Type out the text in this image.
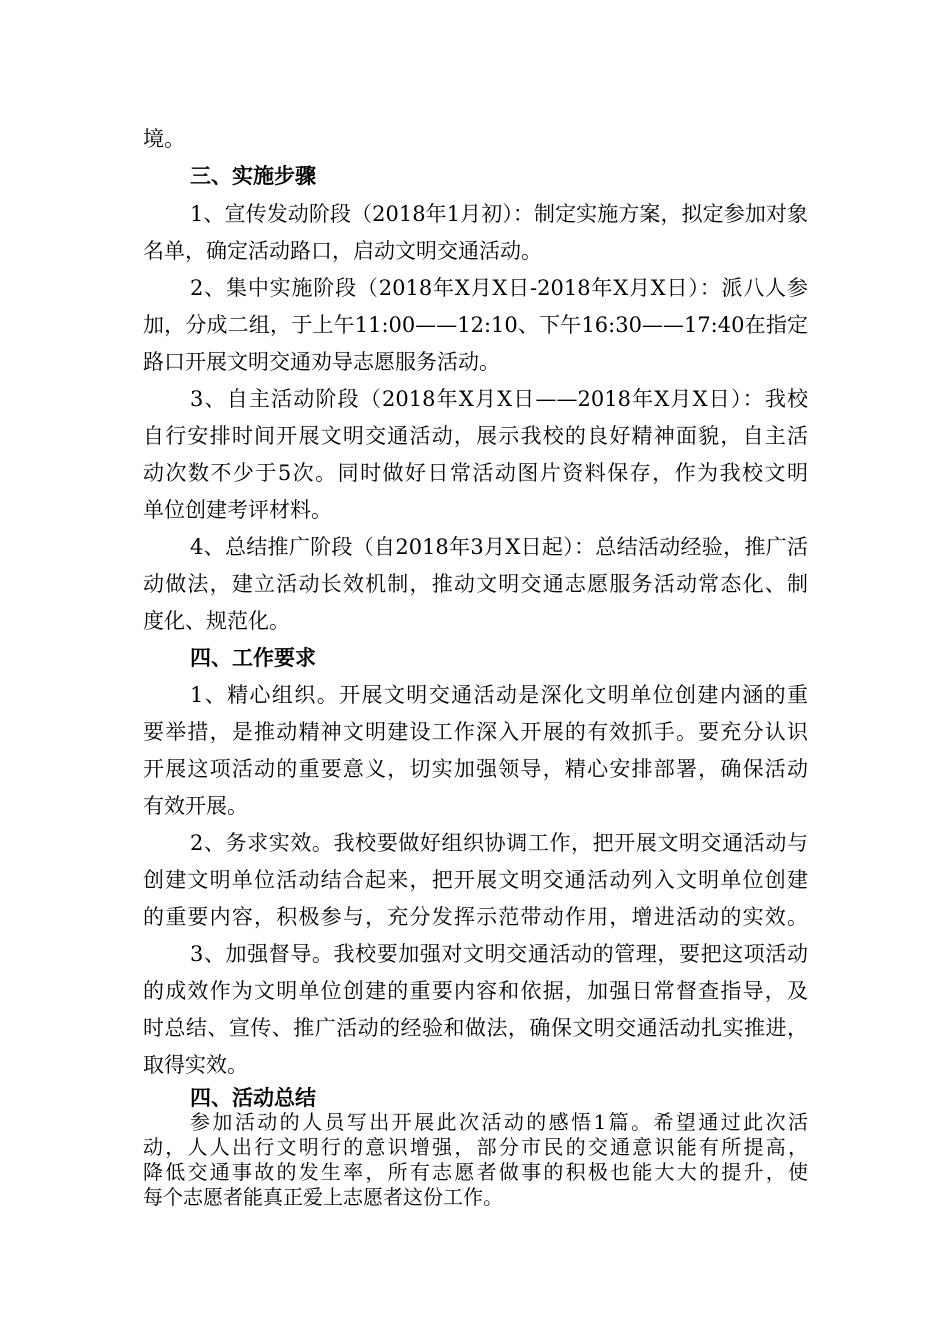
境。
三、实施步骤
1、宣传发动阶段（2018年1月初）：制定实施方案，拟定参加对象
名单，确定活动路口，启动文明交通活动。
2、集中实施阶段（2018年X月X日-2018年X月X日）：派八人参
加，分成二组，于上午11:00——12:10、下午16:30——17:40在指定
路口开展文明交通劝导志愿服务活动。
3、自主活动阶段（2018年X月X日——2018年X月X日）：我校
自行安排时间开展文明交通活动，展示我校的良好精神面貌，自主活
动次数不少于5次。同时做好日常活动图片资料保存，作为我校文明
单位创建考评材料。
4、总结推广阶段（自2018年3月X日起）：总结活动经验，推广活
动做法，建立活动长效机制，推动文明交通志愿服务活动常态化、制
度化、规范化。
四、工作要求
1、精心组织。开展文明交通活动是深化文明单位创建内涵的重
要举措，是推动精神文明建设工作深入开展的有效抓手。要充分认识
开展这项活动的重要意义，切实加强领导，精心安排部署，确保活动
有效开展。
2、务求实效。我校要做好组织协调工作，把开展文明交通活动与
创建文明单位活动结合起来，把开展文明交通活动列入文明单位创建
的重要内容，积极参与，充分发挥示范带动作用，增进活动的实效。
3、加强督导。我校要加强对文明交通活动的管理，要把这项活动
的成效作为文明单位创建的重要内容和依据，加强日常督查指导，及
时总结、宣传、推广活动的经验和做法，确保文明交通活动扎实推进，
取得实效。
四、活动总结
参加活动的人员写出开展此次活动的感悟1篇。希望通过此次活
动，人人出行文明行的意识增强，部分市民的交通意识能有所提高，
降低交通事故的发生率，所有志愿者做事的积极也能大大的提升，使
每个志愿者能真正爱上志愿者这份工作。
